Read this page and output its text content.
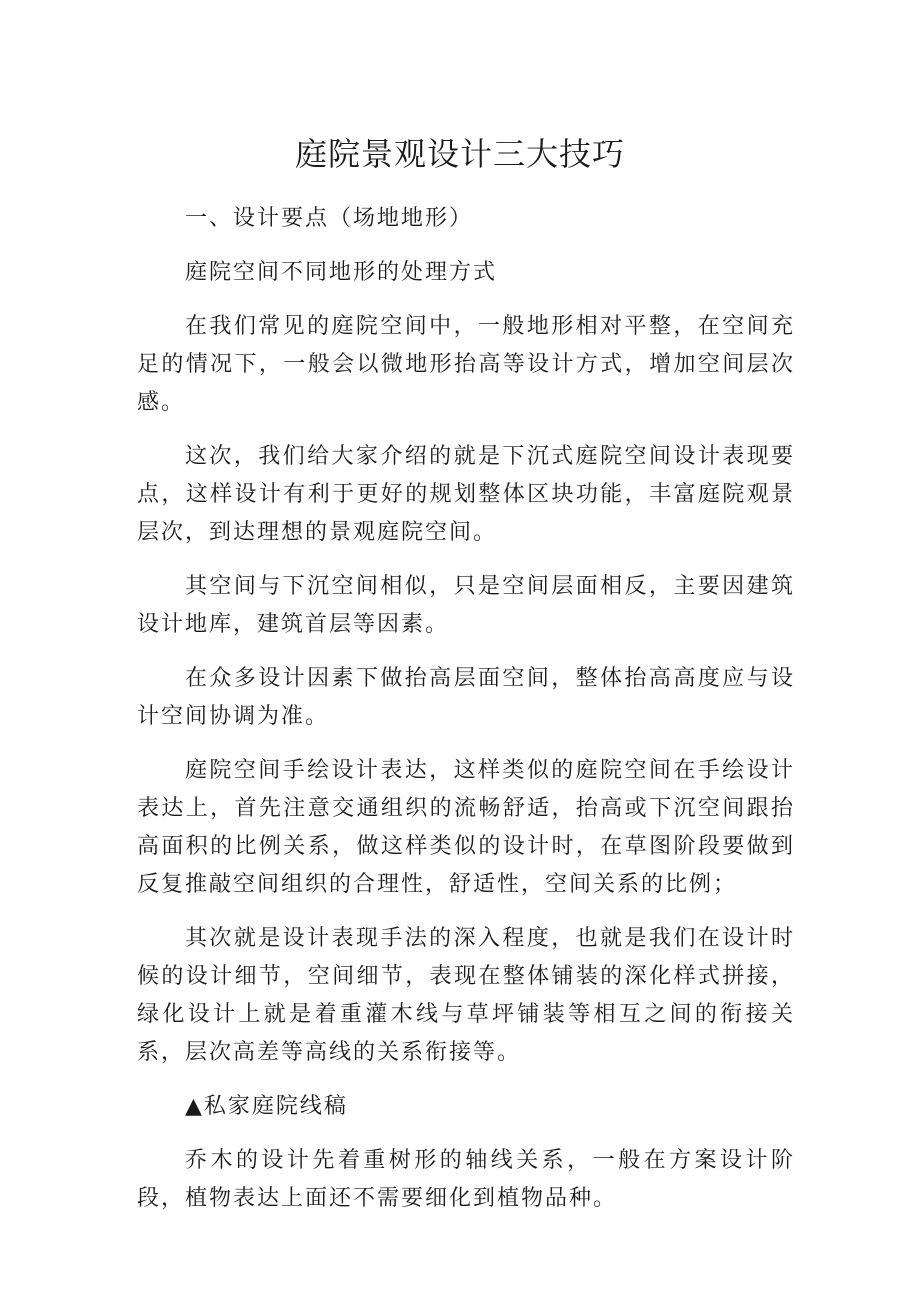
庭院景观设计三大技巧

一、设计要点（场地地形）

庭院空间不同地形的处理方式

在我们常见的庭院空间中，一般地形相对平整，在空间充足的情况下，一般会以微地形抬高等设计方式，增加空间层次感。

这次，我们给大家介绍的就是下沉式庭院空间设计表现要点，这样设计有利于更好的规划整体区块功能，丰富庭院观景层次，到达理想的景观庭院空间。

其空间与下沉空间相似，只是空间层面相反，主要因建筑设计地库，建筑首层等因素。

在众多设计因素下做抬高层面空间，整体抬高高度应与设计空间协调为准。

庭院空间手绘设计表达，这样类似的庭院空间在手绘设计表达上，首先注意交通组织的流畅舒适，抬高或下沉空间跟抬高面积的比例关系，做这样类似的设计时，在草图阶段要做到反复推敲空间组织的合理性，舒适性，空间关系的比例；

其次就是设计表现手法的深入程度，也就是我们在设计时候的设计细节，空间细节，表现在整体铺装的深化样式拼接，绿化设计上就是着重灌木线与草坪铺装等相互之间的衔接关系，层次高差等高线的关系衔接等。

▲私家庭院线稿

乔木的设计先着重树形的轴线关系，一般在方案设计阶段，植物表达上面还不需要细化到植物品种。
